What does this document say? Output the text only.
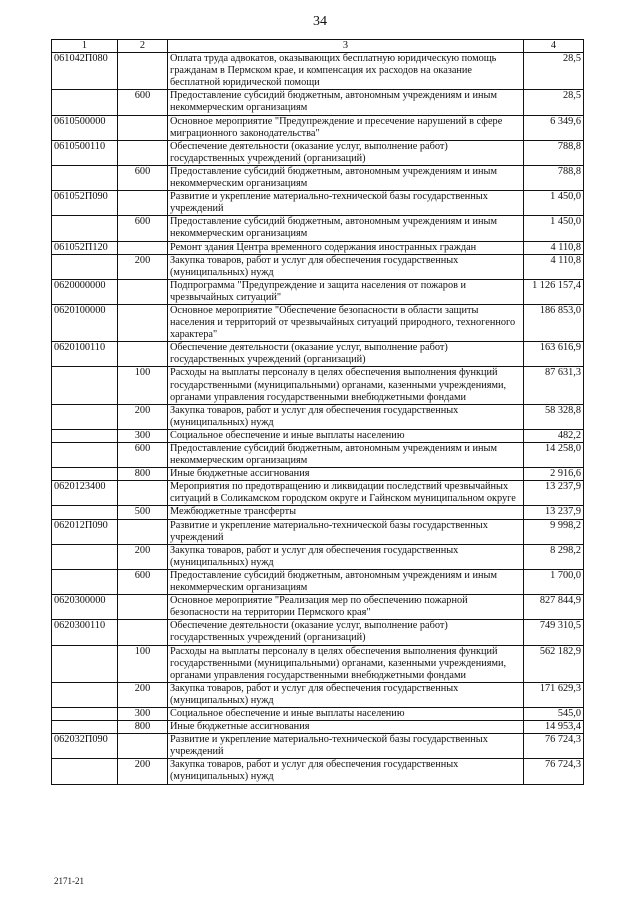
34
1	2	3	4
061042П080		Оплата труда адвокатов, оказывающих бесплатную юридическую помощь гражданам в Пермском крае, и компенсация их расходов на оказание бесплатной юридической помощи	28,5
	600	Предоставление субсидий бюджетным, автономным учреждениям и иным некоммерческим организациям	28,5
0610500000		Основное мероприятие "Предупреждение и пресечение нарушений в сфере миграционного законодательства"	6 349,6
0610500110		Обеспечение деятельности (оказание услуг, выполнение работ) государственных учреждений (организаций)	788,8
	600	Предоставление субсидий бюджетным, автономным учреждениям и иным некоммерческим организациям	788,8
061052П090		Развитие и укрепление материально-технической базы государственных учреждений	1 450,0
	600	Предоставление субсидий бюджетным, автономным учреждениям и иным некоммерческим организациям	1 450,0
061052П120		Ремонт здания Центра временного содержания иностранных граждан	4 110,8
	200	Закупка товаров, работ и услуг для обеспечения государственных (муниципальных) нужд	4 110,8
0620000000		Подпрограмма "Предупреждение и защита населения от пожаров и чрезвычайных ситуаций"	1 126 157,4
0620100000		Основное мероприятие "Обеспечение безопасности в области защиты населения и территорий от чрезвычайных ситуаций природного, техногенного характера"	186 853,0
0620100110		Обеспечение деятельности (оказание услуг, выполнение работ) государственных учреждений (организаций)	163 616,9
	100	Расходы на выплаты персоналу в целях обеспечения выполнения функций государственными (муниципальными) органами, казенными учреждениями, органами управления государственными внебюджетными фондами	87 631,3
	200	Закупка товаров, работ и услуг для обеспечения государственных (муниципальных) нужд	58 328,8
	300	Социальное обеспечение и иные выплаты населению	482,2
	600	Предоставление субсидий бюджетным, автономным учреждениям и иным некоммерческим организациям	14 258,0
	800	Иные бюджетные ассигнования	2 916,6
0620123400		Мероприятия по предотвращению и ликвидации последствий чрезвычайных ситуаций в Соликамском городском округе и Гайнском муниципальном округе	13 237,9
	500	Межбюджетные трансферты	13 237,9
062012П090		Развитие и укрепление материально-технической базы государственных учреждений	9 998,2
	200	Закупка товаров, работ и услуг для обеспечения государственных (муниципальных) нужд	8 298,2
	600	Предоставление субсидий бюджетным, автономным учреждениям и иным некоммерческим организациям	1 700,0
0620300000		Основное мероприятие "Реализация мер по обеспечению пожарной безопасности на территории Пермского края"	827 844,9
0620300110		Обеспечение деятельности (оказание услуг, выполнение работ) государственных учреждений (организаций)	749 310,5
	100	Расходы на выплаты персоналу в целях обеспечения выполнения функций государственными (муниципальными) органами, казенными учреждениями, органами управления государственными внебюджетными фондами	562 182,9
	200	Закупка товаров, работ и услуг для обеспечения государственных (муниципальных) нужд	171 629,3
	300	Социальное обеспечение и иные выплаты населению	545,0
	800	Иные бюджетные ассигнования	14 953,4
062032П090		Развитие и укрепление материально-технической базы государственных учреждений	76 724,3
	200	Закупка товаров, работ и услуг для обеспечения государственных (муниципальных) нужд	76 724,3
2171-21
